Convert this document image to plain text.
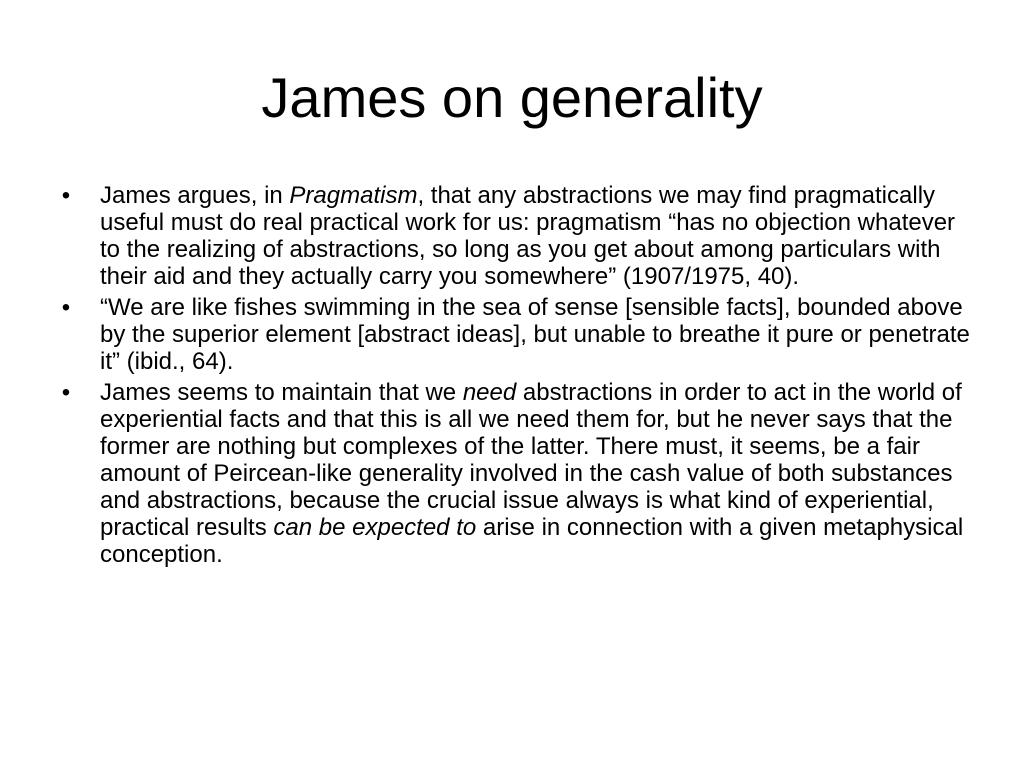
James on generality
• James argues, in Pragmatism, that any abstractions we may find pragmatically useful must do real practical work for us: pragmatism “has no objection whatever to the realizing of abstractions, so long as you get about among particulars with their aid and they actually carry you somewhere” (1907/1975, 40).
• “We are like fishes swimming in the sea of sense [sensible facts], bounded above by the superior element [abstract ideas], but unable to breathe it pure or penetrate it” (ibid., 64).
• James seems to maintain that we need abstractions in order to act in the world of experiential facts and that this is all we need them for, but he never says that the former are nothing but complexes of the latter. There must, it seems, be a fair amount of Peircean-like generality involved in the cash value of both substances and abstractions, because the crucial issue always is what kind of experiential, practical results can be expected to arise in connection with a given metaphysical conception.
